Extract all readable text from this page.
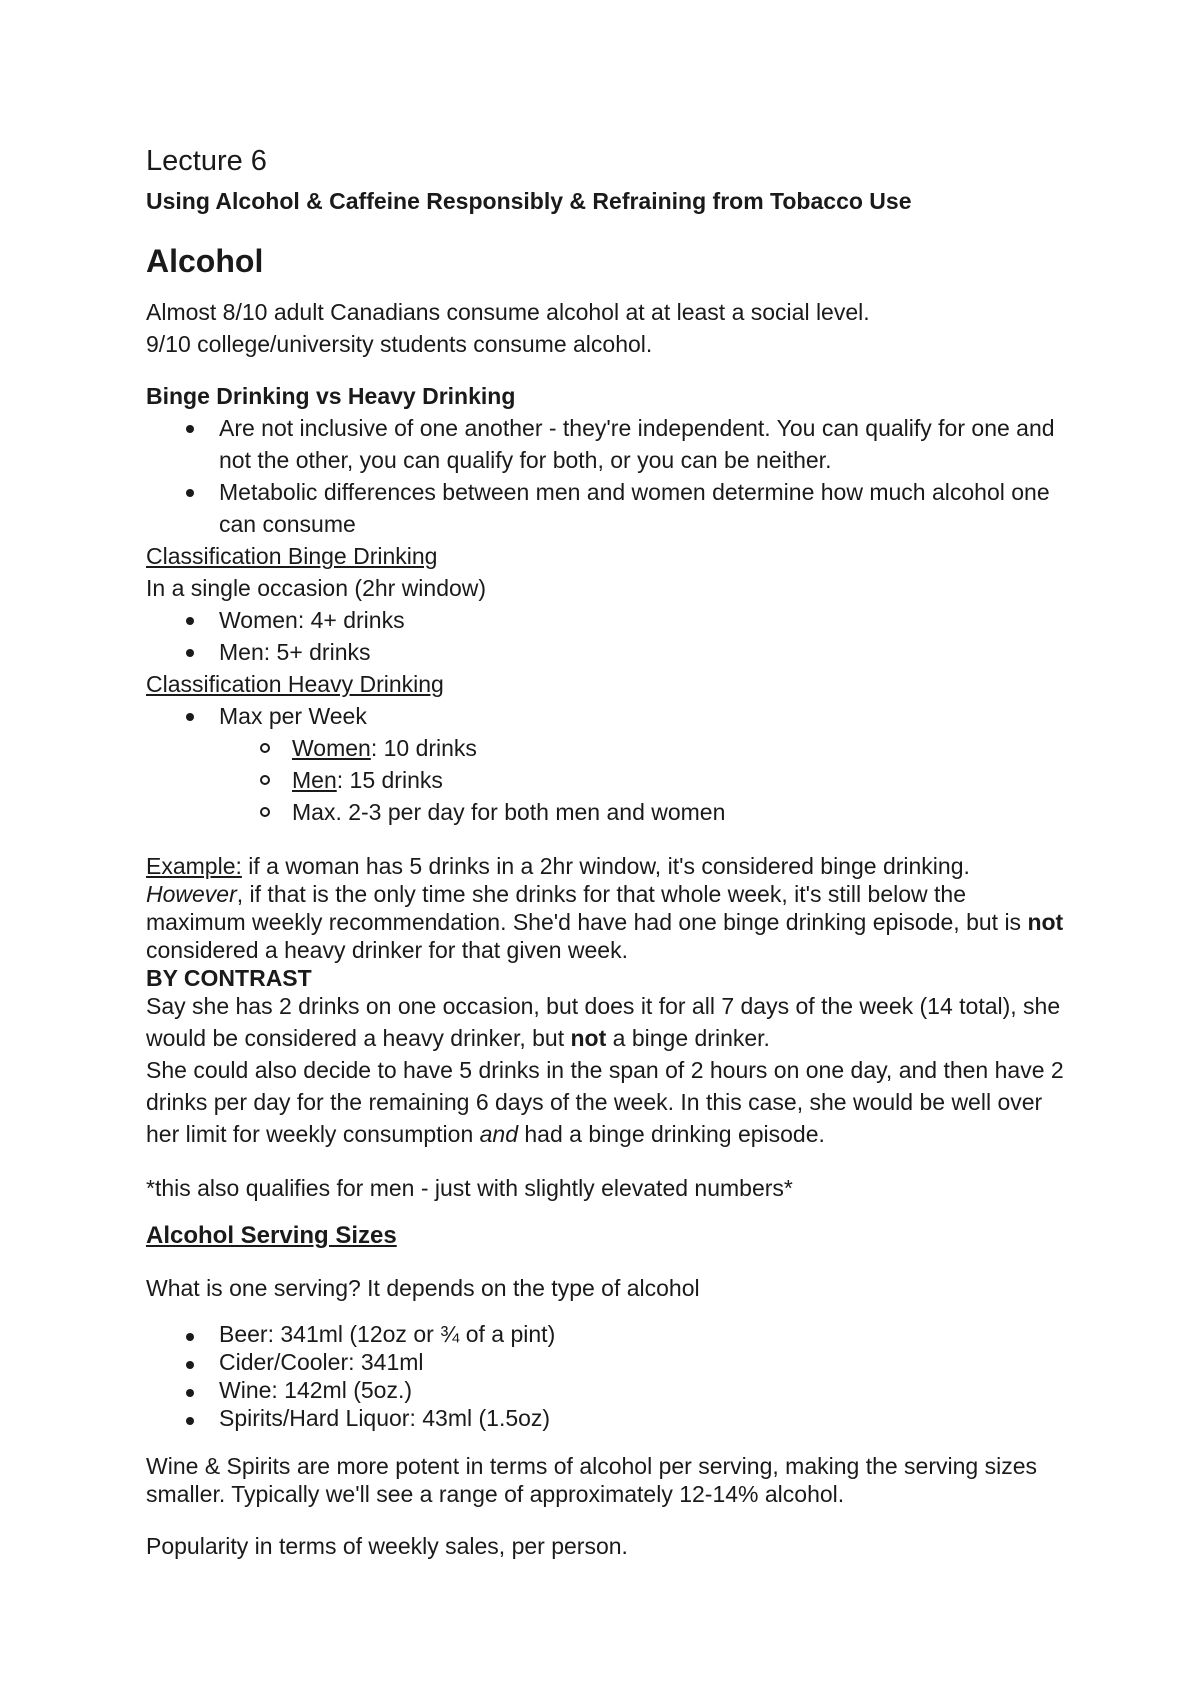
Lecture 6
Using Alcohol & Caffeine Responsibly & Refraining from Tobacco Use
Alcohol

Almost 8/10 adult Canadians consume alcohol at at least a social level.

9/10 college/university students consume alcohol.

Binge Drinking vs Heavy Drinking

Are not inclusive of one another - they're independent. You can qualify for one and not the other, you can qualify for both, or you can be neither.
Metabolic differences between men and women determine how much alcohol one can consume

Classification Binge Drinking

In a single occasion (2hr window)

Women: 4+ drinks
Men: 5+ drinks

Classification Heavy Drinking

Max per Week
Women: 10 drinks
Men: 15 drinks
Max. 2-3 per day for both men and women

Example: if a woman has 5 drinks in a 2hr window, it's considered binge drinking. However, if that is the only time she drinks for that whole week, it's still below the maximum weekly recommendation. She'd have had one binge drinking episode, but is not considered a heavy drinker for that given week.

BY CONTRAST

Say she has 2 drinks on one occasion, but does it for all 7 days of the week (14 total), she would be considered a heavy drinker, but not a binge drinker.

She could also decide to have 5 drinks in the span of 2 hours on one day, and then have 2 drinks per day for the remaining 6 days of the week. In this case, she would be well over her limit for weekly consumption and had a binge drinking episode.

*this also qualifies for men - just with slightly elevated numbers*

Alcohol Serving Sizes

What is one serving? It depends on the type of alcohol

Beer: 341ml (12oz or ¾ of a pint)
Cider/Cooler: 341ml
Wine: 142ml (5oz.)
Spirits/Hard Liquor: 43ml (1.5oz)

Wine & Spirits are more potent in terms of alcohol per serving, making the serving sizes smaller. Typically we'll see a range of approximately 12-14% alcohol.

Popularity in terms of weekly sales, per person.
